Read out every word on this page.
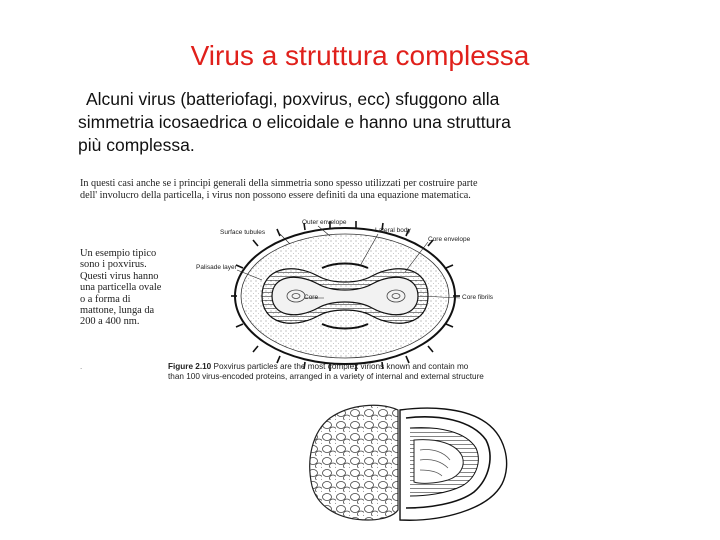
Virus a struttura complessa
Alcuni virus (batteriofagi, poxvirus, ecc) sfuggono alla
simmetria icosaedrica o elicoidale e hanno una struttura
più complessa.
In questi casi anche se i principi generali della simmetria sono spesso utilizzati per costruire parte
dell' involucro della particella, i virus non possono essere definiti da una equazione matematica.
Un esempio tipico
sono i poxvirus.
Questi virus hanno
una particella ovale
o a forma di
mattone, lunga da
200 a 400 nm.
.
Outer envelope
Surface tubules	Lateral body
Core envelope
Palisade layer
Core	Core fibrils
Figure 2.10 Poxvirus particles are the most complex virions known and contain mo
than 100 virus-encoded proteins, arranged in a variety of internal and external structure
